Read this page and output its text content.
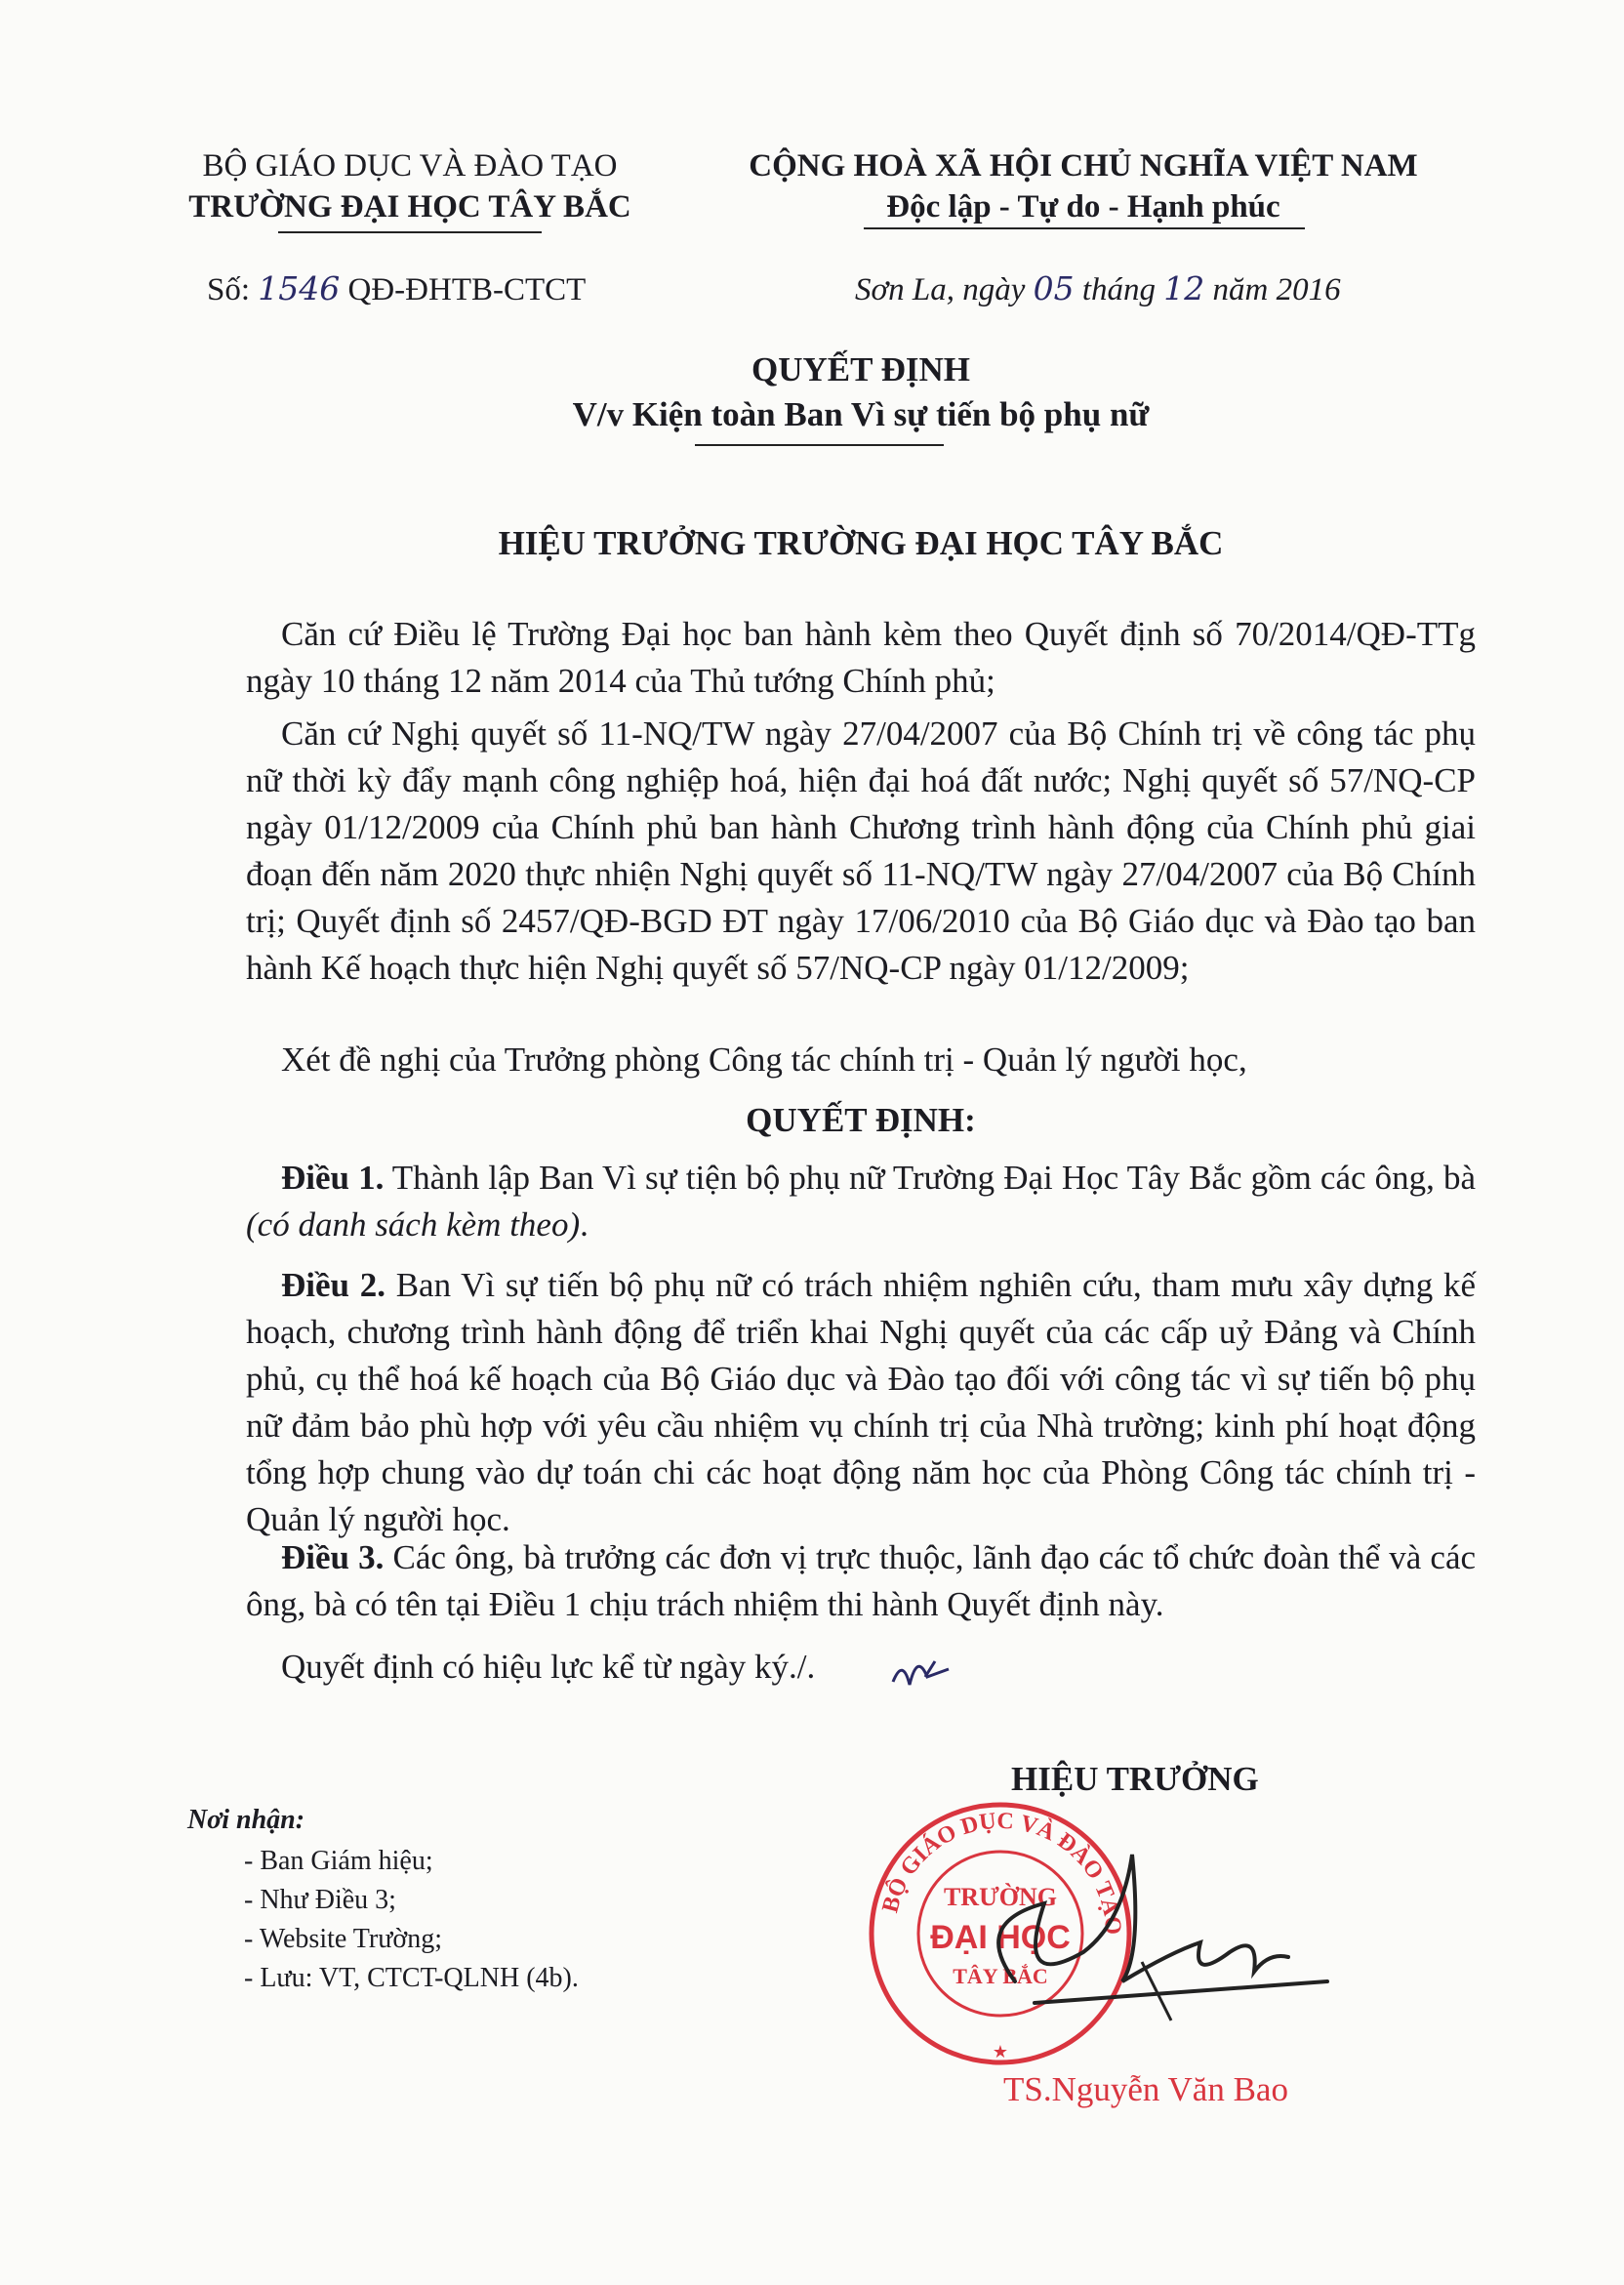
BỘ GIÁO DỤC VÀ ĐÀO TẠO
TRƯỜNG ĐẠI HỌC TÂY BẮC
Số: 1546 QĐ-ĐHTB-CTCT
CỘNG HOÀ XÃ HỘI CHỦ NGHĨA VIỆT NAM
Độc lập - Tự do - Hạnh phúc
Sơn La, ngày 05 tháng 12 năm 2016
QUYẾT ĐỊNH
V/v Kiện toàn Ban Vì sự tiến bộ phụ nữ
HIỆU TRƯỞNG TRƯỜNG ĐẠI HỌC TÂY BẮC
Căn cứ Điều lệ Trường Đại học ban hành kèm theo Quyết định số 70/2014/QĐ-TTg ngày 10 tháng 12 năm 2014 của Thủ tướng Chính phủ;
Căn cứ Nghị quyết số 11-NQ/TW ngày 27/04/2007 của Bộ Chính trị về công tác phụ nữ thời kỳ đẩy mạnh công nghiệp hoá, hiện đại hoá đất nước; Nghị quyết số 57/NQ-CP ngày 01/12/2009 của Chính phủ ban hành Chương trình hành động của Chính phủ giai đoạn đến năm 2020 thực nhiện Nghị quyết số 11-NQ/TW ngày 27/04/2007 của Bộ Chính trị; Quyết định số 2457/QĐ-BGD ĐT ngày 17/06/2010 của Bộ Giáo dục và Đào tạo ban hành Kế hoạch thực hiện Nghị quyết số 57/NQ-CP ngày 01/12/2009;
Xét đề nghị của Trưởng phòng Công tác chính trị - Quản lý người học,
QUYẾT ĐỊNH:
Điều 1. Thành lập Ban Vì sự tiện bộ phụ nữ Trường Đại Học Tây Bắc gồm các ông, bà (có danh sách kèm theo).
Điều 2. Ban Vì sự tiến bộ phụ nữ có trách nhiệm nghiên cứu, tham mưu xây dựng kế hoạch, chương trình hành động để triển khai Nghị quyết của các cấp uỷ Đảng và Chính phủ, cụ thể hoá kế hoạch của Bộ Giáo dục và Đào tạo đối với công tác vì sự tiến bộ phụ nữ đảm bảo phù hợp với yêu cầu nhiệm vụ chính trị của Nhà trường; kinh phí hoạt động tổng hợp chung vào dự toán chi các hoạt động năm học của Phòng Công tác chính trị - Quản lý người học.
Điều 3. Các ông, bà trưởng các đơn vị trực thuộc, lãnh đạo các tổ chức đoàn thể và các ông, bà có tên tại Điều 1 chịu trách nhiệm thi hành Quyết định này.
Quyết định có hiệu lực kể từ ngày ký./.
Nơi nhận:
- Ban Giám hiệu;
- Như Điều 3;
- Website Trường;
- Lưu: VT, CTCT-QLNH (4b).
HIỆU TRƯỞNG
BỘ GIÁO DỤC VÀ ĐÀO TẠO
TRƯỜNG
ĐẠI HỌC
TÂY BẮC
★
TS.Nguyễn Văn Bao
